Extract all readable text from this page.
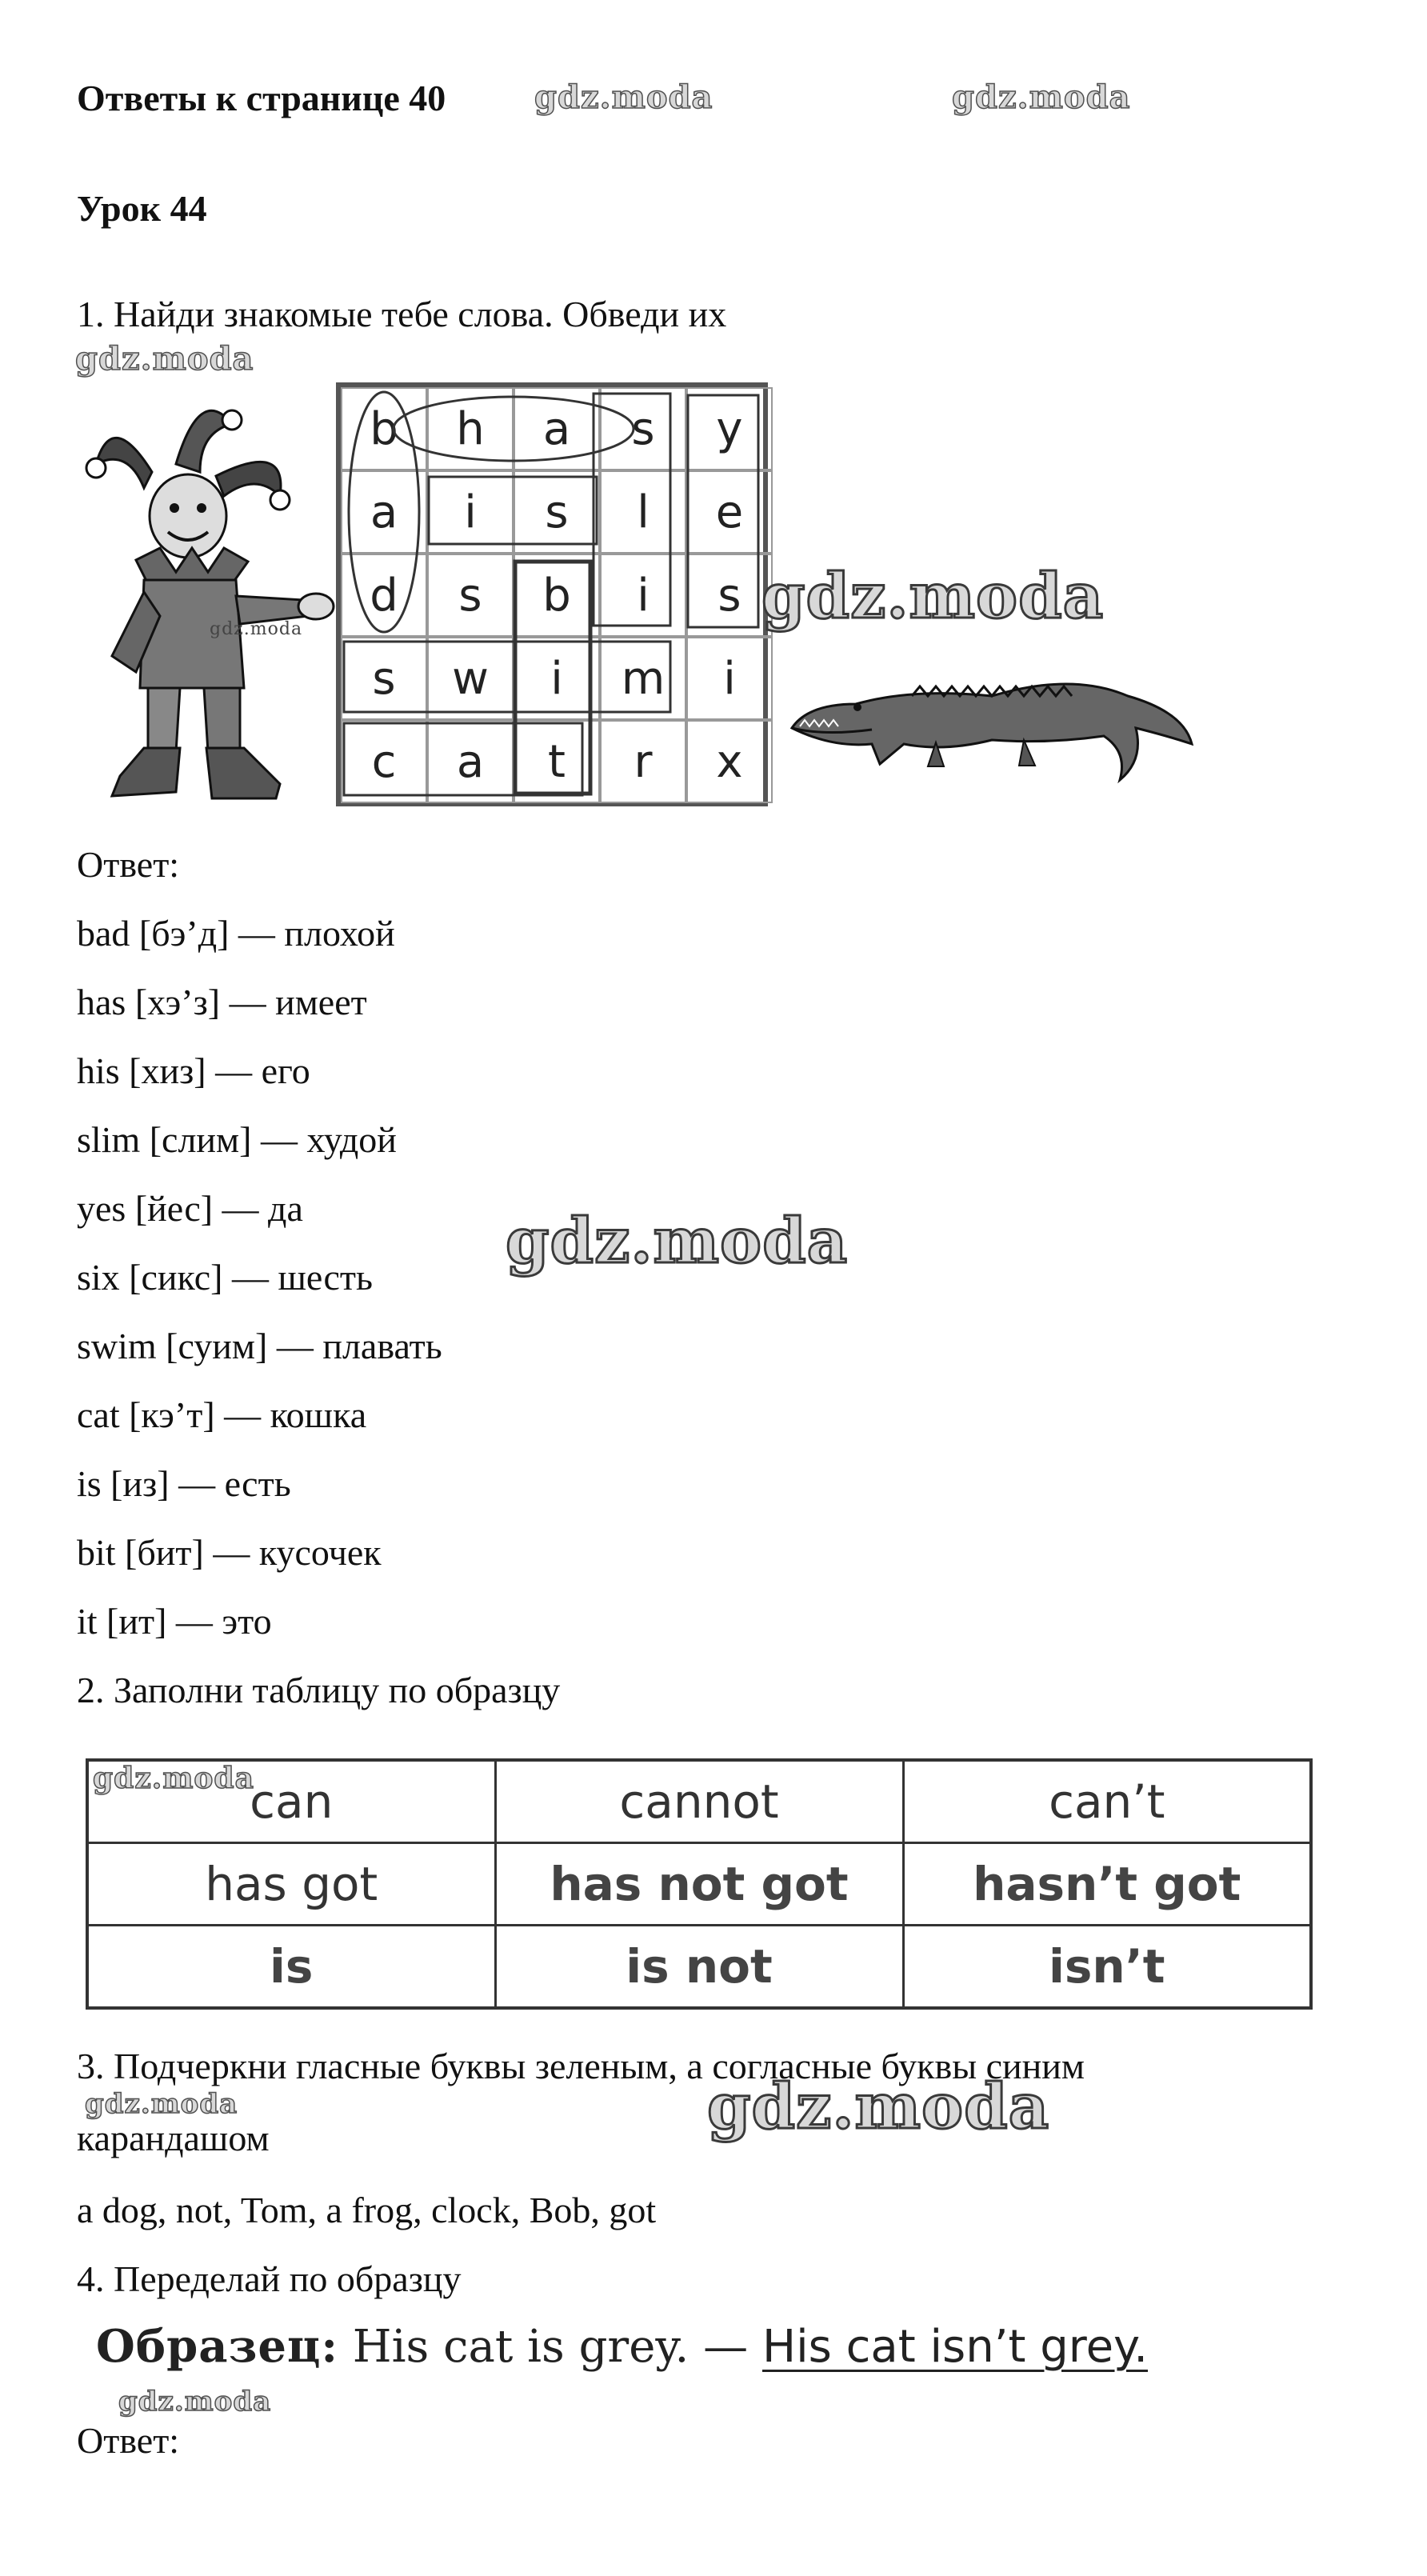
Ответы к странице 40	gdz.moda	gdz.moda
Урок 44
1. Найди знакомые тебе слова. Обведи их
gdz.moda
gdz.moda
b	h	a	s	y
a	i	s	l	e
d	s	b	i	s
s	w	i	m	i
c	a	t	r	x
gdz.moda
Ответ:
bad [бэ’д] — плохой
has [хэ’з] — имеет
his [хиз] — его
slim [слим] — худой
yes [йес] — да	gdz.moda
six [сикс] — шесть
swim [суим] — плавать
cat [кэ’т] — кошка
is [из] — есть
bit [бит] — кусочек
it [ит] — это
2. Заполни таблицу по образцу
can	cannot	can’t
has got	has not got	hasn’t got
is	is not	isn’t
gdz.moda
3. Подчеркни гласные буквы зеленым, а согласные буквы синим
gdz.moda
карандашом	gdz.moda
a dog, not, Tom, a frog, clock, Bob, got
4. Переделай по образцу
Образец: His cat is grey. — His cat isn’t grey.
gdz.moda
Ответ:
